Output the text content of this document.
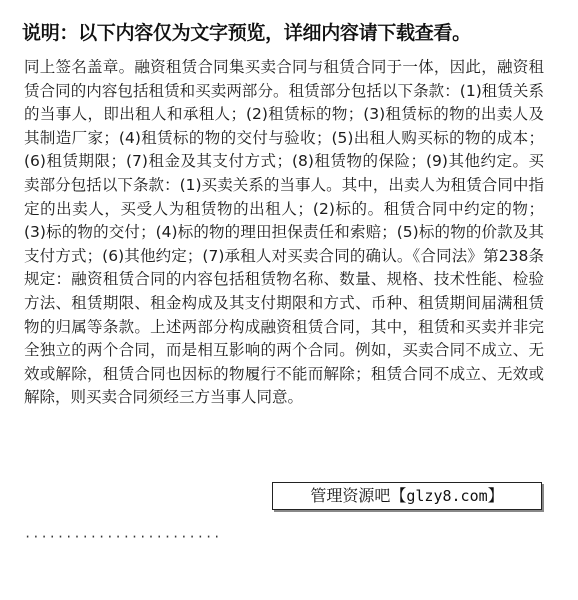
说明：以下内容仅为文字预览，详细内容请下载查看。

同上签名盖章。融资租赁合同集买卖合同与租赁合同于一体，因此，融资租赁合同的内容包括租赁和买卖两部分。租赁部分包括以下条款：(1)租赁关系的当事人，即出租人和承租人；(2)租赁标的物；(3)租赁标的物的出卖人及其制造厂家；(4)租赁标的物的交付与验收；(5)出租人购买标的物的成本；(6)租赁期限；(7)租金及其支付方式；(8)租赁物的保险；(9)其他约定。买卖部分包括以下条款：(1)买卖关系的当事人。其中，出卖人为租赁合同中指定的出卖人，买受人为租赁物的出租人；(2)标的。租赁合同中约定的物；(3)标的物的交付；(4)标的物的理田担保责任和索赔；(5)标的物的价款及其支付方式；(6)其他约定；(7)承租人对买卖合同的确认。《合同法》第238条规定：融资租赁合同的内容包括租赁物名称、数量、规格、技术性能、检验方法、租赁期限、租金构成及其支付期限和方式、币种、租赁期间届满租赁物的归属等条款。上述两部分构成融资租赁合同，其中，租赁和买卖并非完全独立的两个合同，而是相互影响的两个合同。例如，买卖合同不成立、无效或解除，租赁合同也因标的物履行不能而解除；租赁合同不成立、无效或解除，则买卖合同须经三方当事人同意。

管理资源吧【glzy8.com】

························
